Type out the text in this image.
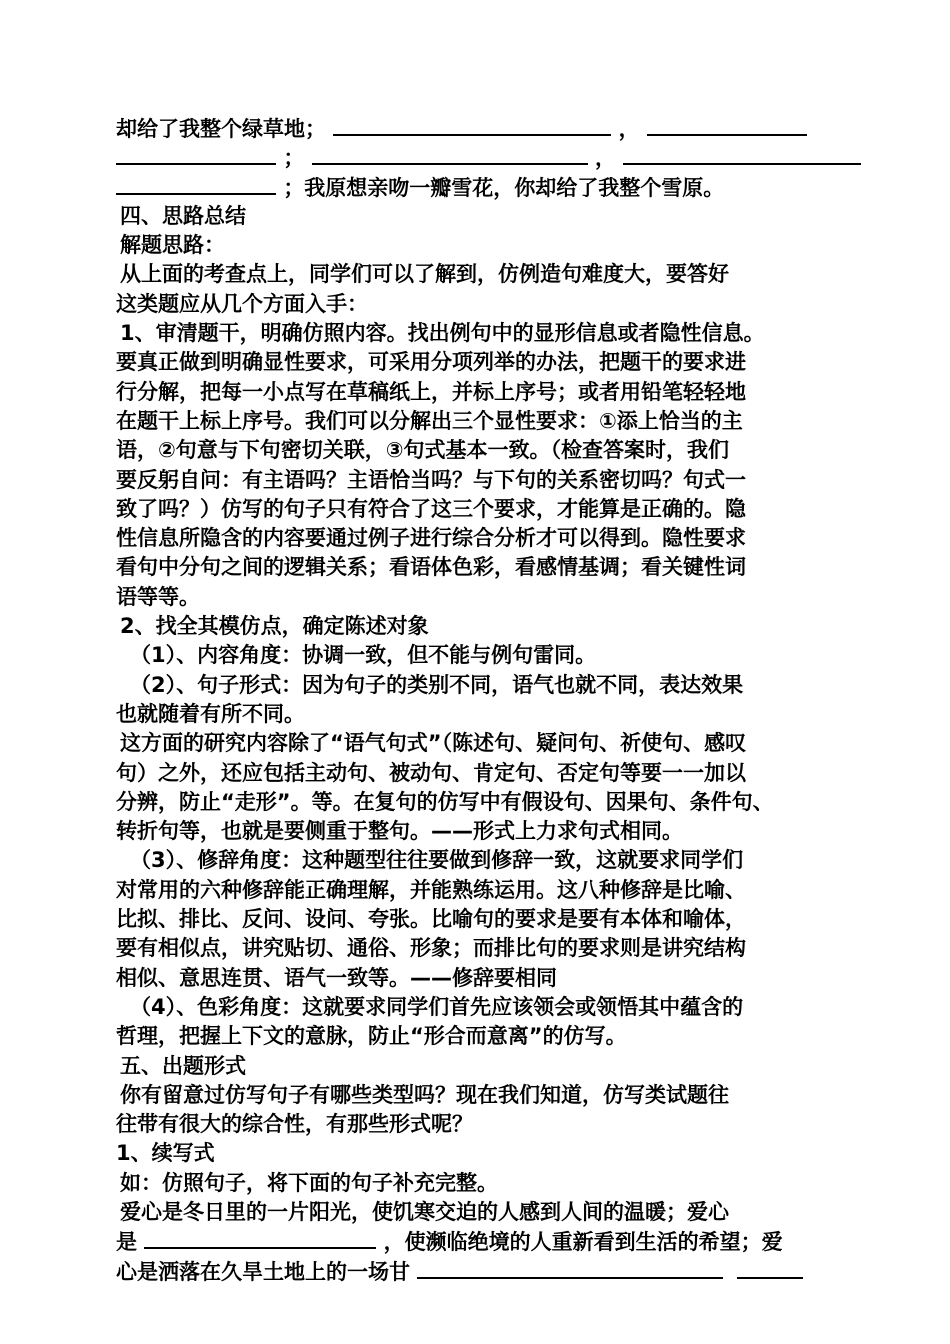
却给了我整个绿草地；	，
；	，
；我原想亲吻一瓣雪花，你却给了我整个雪原。
四、思路总结
解题思路：
从上面的考查点上，同学们可以了解到，仿例造句难度大，要答好
这类题应从几个方面入手：
1、审清题干，明确仿照内容。找出例句中的显形信息或者隐性信息。
要真正做到明确显性要求，可采用分项列举的办法，把题干的要求进
行分解，把每一小点写在草稿纸上，并标上序号；或者用铅笔轻轻地
在题干上标上序号。我们可以分解出三个显性要求：①添上恰当的主
语，②句意与下句密切关联，③句式基本一致。（检查答案时，我们
要反躬自问：有主语吗？主语恰当吗？与下句的关系密切吗？句式一
致了吗？）仿写的句子只有符合了这三个要求，才能算是正确的。隐
性信息所隐含的内容要通过例子进行综合分析才可以得到。隐性要求
看句中分句之间的逻辑关系；看语体色彩，看感情基调；看关键性词
语等等。
2、找全其模仿点，确定陈述对象
（1）、内容角度：协调一致，但不能与例句雷同。
（2）、句子形式：因为句子的类别不同，语气也就不同，表达效果
也就随着有所不同。
这方面的研究内容除了“语气句式”（陈述句、疑问句、祈使句、感叹
句）之外，还应包括主动句、被动句、肯定句、否定句等要一一加以
分辨，防止“走形”。等。在复句的仿写中有假设句、因果句、条件句、
转折句等，也就是要侧重于整句。——形式上力求句式相同。
（3）、修辞角度：这种题型往往要做到修辞一致，这就要求同学们
对常用的六种修辞能正确理解，并能熟练运用。这八种修辞是比喻、
比拟、排比、反问、设问、夸张。比喻句的要求是要有本体和喻体，
要有相似点，讲究贴切、通俗、形象；而排比句的要求则是讲究结构
相似、意思连贯、语气一致等。——修辞要相同
（4）、色彩角度：这就要求同学们首先应该领会或领悟其中蕴含的
哲理，把握上下文的意脉，防止“形合而意离”的仿写。
五、出题形式
你有留意过仿写句子有哪些类型吗？现在我们知道，仿写类试题往
往带有很大的综合性，有那些形式呢？
1、续写式
如：仿照句子，将下面的句子补充完整。
爱心是冬日里的一片阳光，使饥寒交迫的人感到人间的温暖；爱心
是	，使濒临绝境的人重新看到生活的希望；爱
心是洒落在久旱土地上的一场甘
